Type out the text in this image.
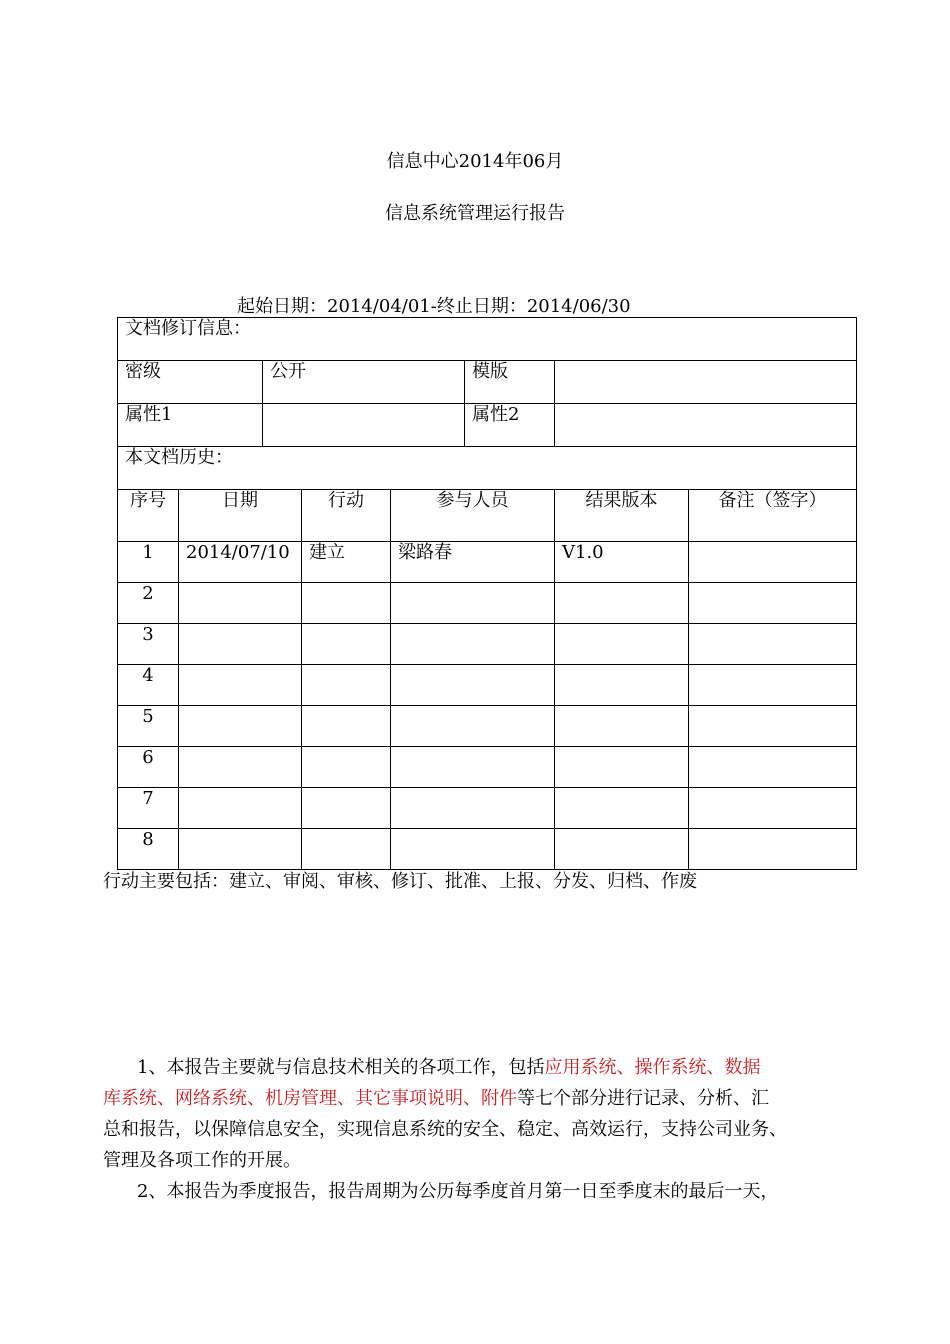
信息中心2014年06月
信息系统管理运行报告
起始日期：2014/04/01-终止日期：2014/06/30
文档修订信息：							
密级		公开			模版		
属性1					属性2		
本文档历史：							
序号	日期		行动	参与人员		结果版本	备注（签字）
1	2014/07/10		建立	梁路春		V1.0	
2							
3							
4							
5							
6							
7							
8							
行动主要包括：建立、审阅、审核、修订、批准、上报、分发、归档、作废
1、本报告主要就与信息技术相关的各项工作，包括应用系统、操作系统、数据
库系统、网络系统、机房管理、其它事项说明、附件等七个部分进行记录、分析、汇
总和报告，以保障信息安全，实现信息系统的安全、稳定、高效运行，支持公司业务、
管理及各项工作的开展。
2、本报告为季度报告，报告周期为公历每季度首月第一日至季度末的最后一天，
